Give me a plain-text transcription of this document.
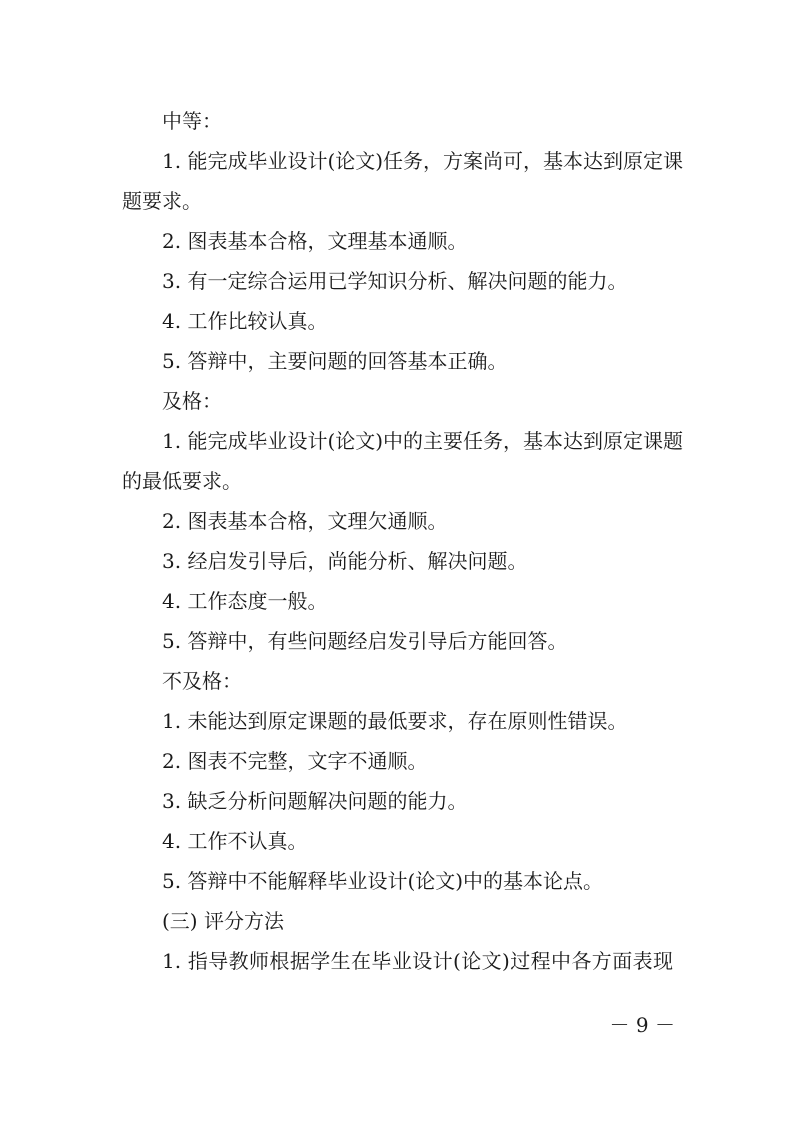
中等：
1. 能完成毕业设计(论文)任务，方案尚可，基本达到原定课
题要求。
2. 图表基本合格，文理基本通顺。
3. 有一定综合运用已学知识分析、解决问题的能力。
4. 工作比较认真。
5. 答辩中，主要问题的回答基本正确。
及格：
1. 能完成毕业设计(论文)中的主要任务，基本达到原定课题
的最低要求。
2. 图表基本合格，文理欠通顺。
3. 经启发引导后，尚能分析、解决问题。
4. 工作态度一般。
5. 答辩中，有些问题经启发引导后方能回答。
不及格：
1. 未能达到原定课题的最低要求，存在原则性错误。
2. 图表不完整，文字不通顺。
3. 缺乏分析问题解决问题的能力。
4. 工作不认真。
5. 答辩中不能解释毕业设计(论文)中的基本论点。
(三) 评分方法
1. 指导教师根据学生在毕业设计(论文)过程中各方面表现
－ 9 －
